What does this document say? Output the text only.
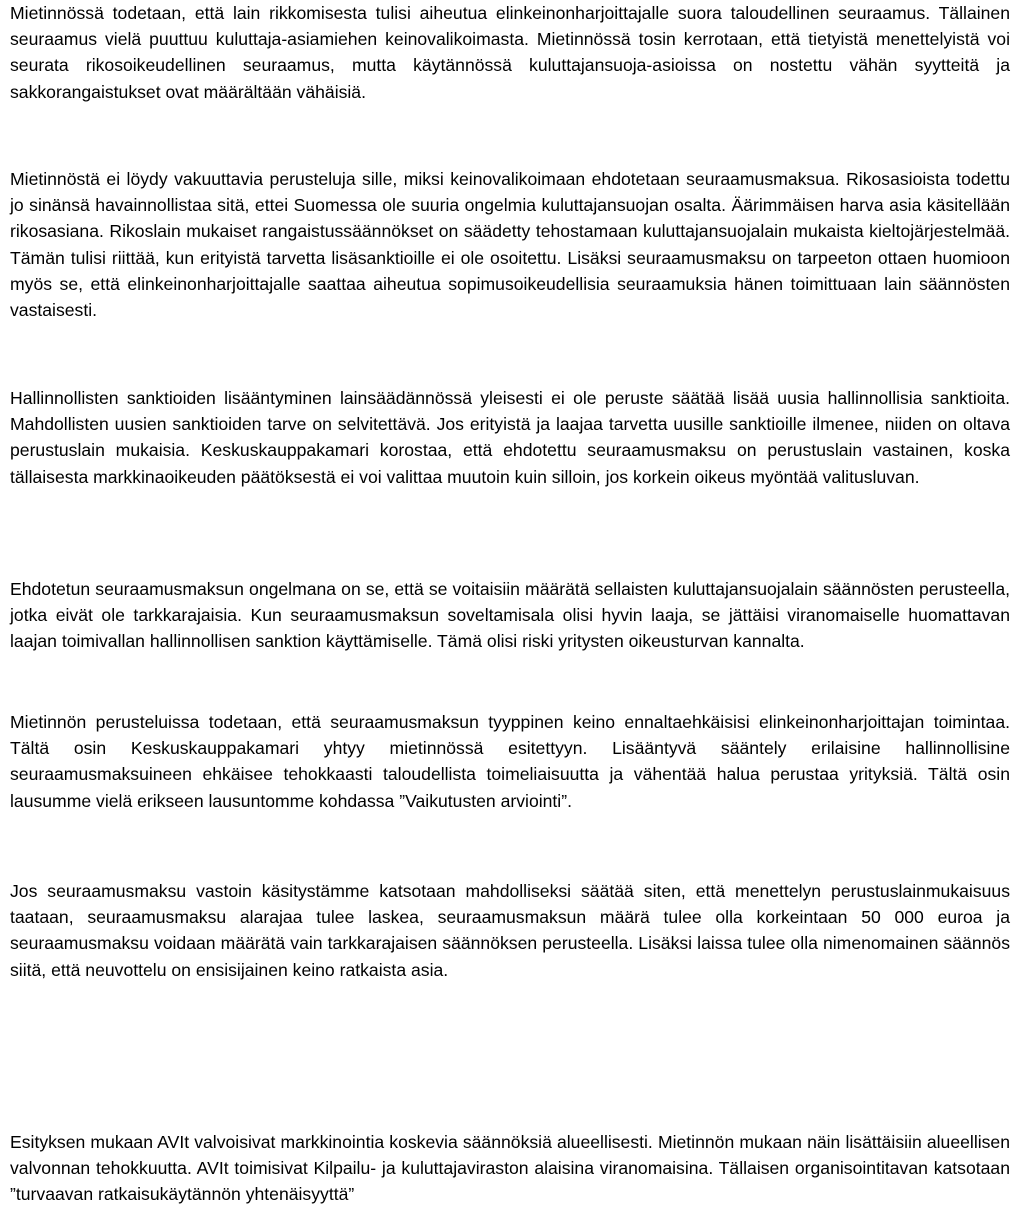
Mietinnössä todetaan, että lain rikkomisesta tulisi aiheutua elinkeinonharjoittajalle suora taloudellinen seuraamus. Tällainen seuraamus vielä puuttuu kuluttaja-asiamiehen keinovalikoimasta. Mietinnössä tosin kerrotaan, että tietyistä menettelyistä voi seurata rikosoikeudellinen seuraamus, mutta käytännössä kuluttajansuoja-asioissa on nostettu vähän syytteitä ja sakkorangaistukset ovat määrältään vähäisiä.

Mietinnöstä ei löydy vakuuttavia perusteluja sille, miksi keinovalikoimaan ehdotetaan seuraamusmaksua. Rikosasioista todettu jo sinänsä havainnollistaa sitä, ettei Suomessa ole suuria ongelmia kuluttajansuojan osalta. Äärimmäisen harva asia käsitellään rikosasiana. Rikoslain mukaiset rangaistussäännökset on säädetty tehostamaan kuluttajansuojalain mukaista kieltojärjestelmää. Tämän tulisi riittää, kun erityistä tarvetta lisäsanktioille ei ole osoitettu. Lisäksi seuraamusmaksu on tarpeeton ottaen huomioon myös se, että elinkeinonharjoittajalle saattaa aiheutua sopimusoikeudellisia seuraamuksia hänen toimittuaan lain säännösten vastaisesti.

Hallinnollisten sanktioiden lisääntyminen lainsäädännössä yleisesti ei ole peruste säätää lisää uusia hallinnollisia sanktioita. Mahdollisten uusien sanktioiden tarve on selvitettävä. Jos erityistä ja laajaa tarvetta uusille sanktioille ilmenee, niiden on oltava perustuslain mukaisia. Keskuskauppakamari korostaa, että ehdotettu seuraamusmaksu on perustuslain vastainen, koska tällaisesta markkinaoikeuden päätöksestä ei voi valittaa muutoin kuin silloin, jos korkein oikeus myöntää valitusluvan.

Ehdotetun seuraamusmaksun ongelmana on se, että se voitaisiin määrätä sellaisten kuluttajansuojalain säännösten perusteella, jotka eivät ole tarkkarajaisia. Kun seuraamusmaksun soveltamisala olisi hyvin laaja, se jättäisi viranomaiselle huomattavan laajan toimivallan hallinnollisen sanktion käyttämiselle. Tämä olisi riski yritysten oikeusturvan kannalta.

Mietinnön perusteluissa todetaan, että seuraamusmaksun tyyppinen keino ennaltaehkäisisi elinkeinonharjoittajan toimintaa. Tältä osin Keskuskauppakamari yhtyy mietinnössä esitettyyn. Lisääntyvä sääntely erilaisine hallinnollisine seuraamusmaksuineen ehkäisee tehokkaasti taloudellista toimeliaisuutta ja vähentää halua perustaa yrityksiä. Tältä osin lausumme vielä erikseen lausuntomme kohdassa ”Vaikutusten arviointi”.

Jos seuraamusmaksu vastoin käsitystämme katsotaan mahdolliseksi säätää siten, että menettelyn perustuslainmukaisuus taataan, seuraamusmaksu alarajaa tulee laskea, seuraamusmaksun määrä tulee olla korkeintaan 50 000 euroa ja seuraamusmaksu voidaan määrätä vain tarkkarajaisen säännöksen perusteella. Lisäksi laissa tulee olla nimenomainen säännös siitä, että neuvottelu on ensisijainen keino ratkaista asia.

Esityksen mukaan AVIt valvoisivat markkinointia koskevia säännöksiä alueellisesti. Mietinnön mukaan näin lisättäisiin alueellisen valvonnan tehokkuutta. AVIt toimisivat Kilpailu- ja kuluttajaviraston alaisina viranomaisina. Tällaisen organisointitavan katsotaan ”turvaavan ratkaisukäytännön yhtenäisyyttä”
